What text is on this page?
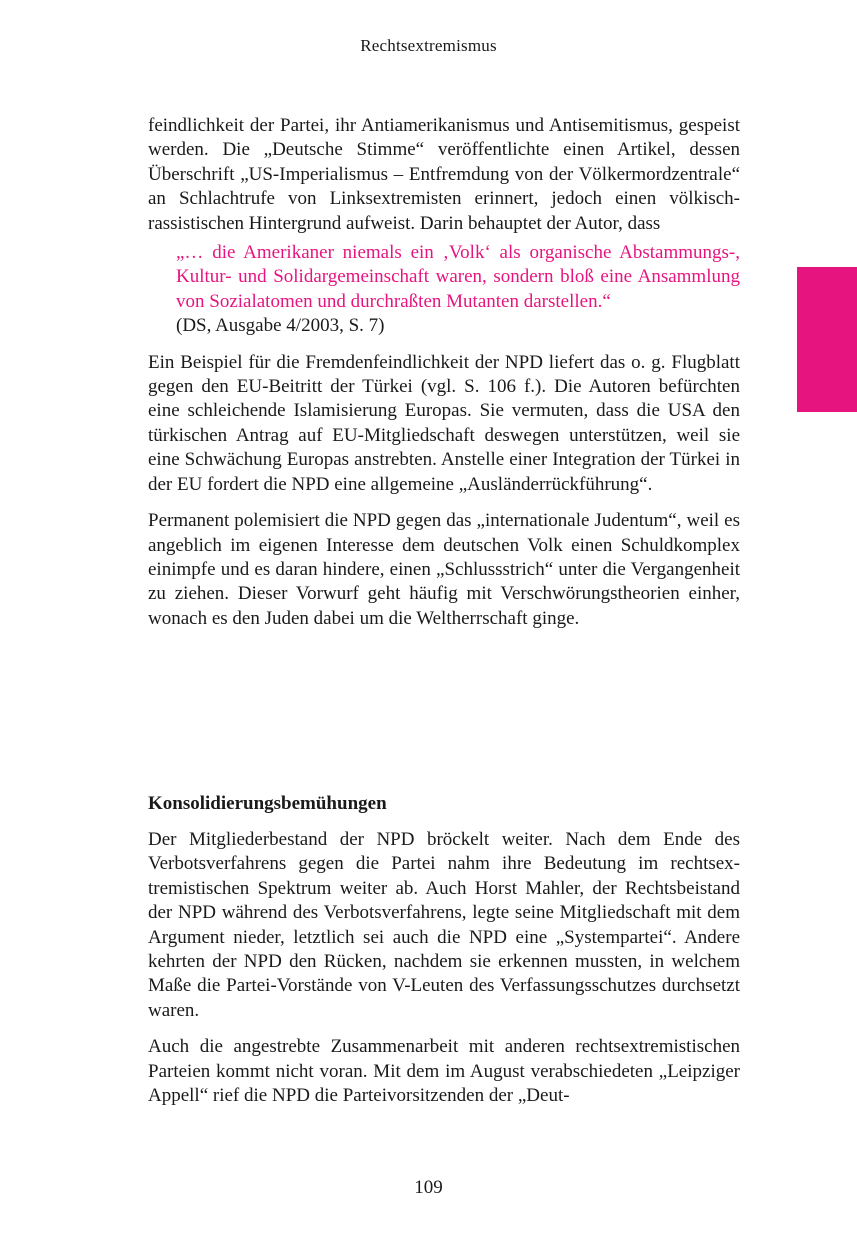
Rechtsextremismus

feindlichkeit der Partei, ihr Antiamerikanismus und Antisemitismus, gespeist werden. Die „Deutsche Stimme“ veröffentlichte einen Artikel, dessen Überschrift „US-Imperialismus – Entfremdung von der Völkermordzentrale“ an Schlachtrufe von Linksextremisten erinnert, jedoch einen völkisch-rassistischen Hintergrund aufweist. Darin behauptet der Autor, dass

„… die Amerikaner niemals ein ‚Volk‘ als organische Abstammungs-, Kultur- und Solidargemeinschaft waren, sondern bloß eine Ansammlung von Sozialatomen und durchraßten Mutanten darstellen.“

(DS, Ausgabe 4/2003, S. 7)

Ein Beispiel für die Fremdenfeindlichkeit der NPD liefert das o. g. Flugblatt gegen den EU-Beitritt der Türkei (vgl. S. 106 f.). Die Autoren befürchten eine schleichende Islamisierung Europas. Sie vermuten, dass die USA den türkischen Antrag auf EU-Mitgliedschaft deswegen unterstützen, weil sie eine Schwächung Europas anstrebten. Anstelle einer Integration der Türkei in der EU fordert die NPD eine allgemeine „Ausländerrückführung“.

Permanent polemisiert die NPD gegen das „internationale Judentum“, weil es angeblich im eigenen Interesse dem deutschen Volk einen Schuldkomplex einimpfe und es daran hindere, einen „Schlussstrich“ unter die Vergangenheit zu ziehen. Dieser Vorwurf geht häufig mit Verschwörungstheorien einher, wonach es den Juden dabei um die Weltherrschaft ginge.

Konsolidierungsbemühungen

Der Mitgliederbestand der NPD bröckelt weiter. Nach dem Ende des Verbotsverfahrens gegen die Partei nahm ihre Bedeutung im rechtsextremistischen Spektrum weiter ab. Auch Horst Mahler, der Rechtsbeistand der NPD während des Verbotsverfahrens, legte seine Mitgliedschaft mit dem Argument nieder, letztlich sei auch die NPD eine „Systempartei“. Andere kehrten der NPD den Rücken, nachdem sie erkennen mussten, in welchem Maße die Partei-Vorstände von V-Leuten des Verfassungsschutzes durchsetzt waren.

Auch die angestrebte Zusammenarbeit mit anderen rechtsextremistischen Parteien kommt nicht voran. Mit dem im August verabschiedeten „Leipziger Appell“ rief die NPD die Parteivorsitzenden der „Deut-

109
